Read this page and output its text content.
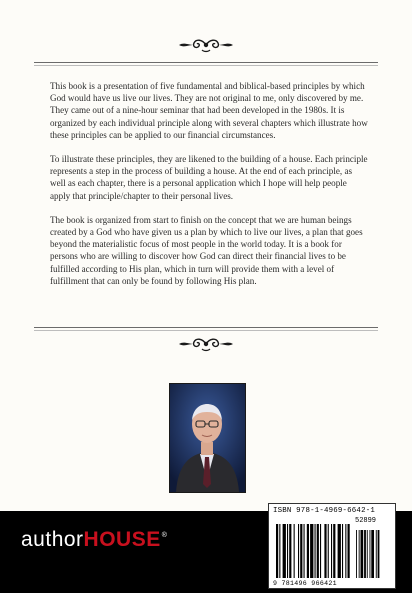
This book is a presentation of five fundamental and biblical-based principles by which God would have us live our lives. They are not original to me, only discovered by me. They came out of a nine-hour seminar that had been developed in the 1980s. It is organized by each individual principle along with several chapters which illustrate how these principles can be applied to our financial circumstances.

To illustrate these principles, they are likened to the building of a house. Each principle represents a step in the process of building a house. At the end of each principle, as well as each chapter, there is a personal application which I hope will help people apply that principle/chapter to their personal lives.

The book is organized from start to finish on the concept that we are human beings created by a God who have given us a plan by which to live our lives, a plan that goes beyond the materialistic focus of most people in the world today. It is a book for persons who are willing to discover how God can direct their financial lives to be fulfilled according to His plan, which in turn will provide them with a level of fulfillment that can only be found by following His plan.

authorHOUSE®
ISBN 978-1-4969-6642-1
52899
9 781496 966421
